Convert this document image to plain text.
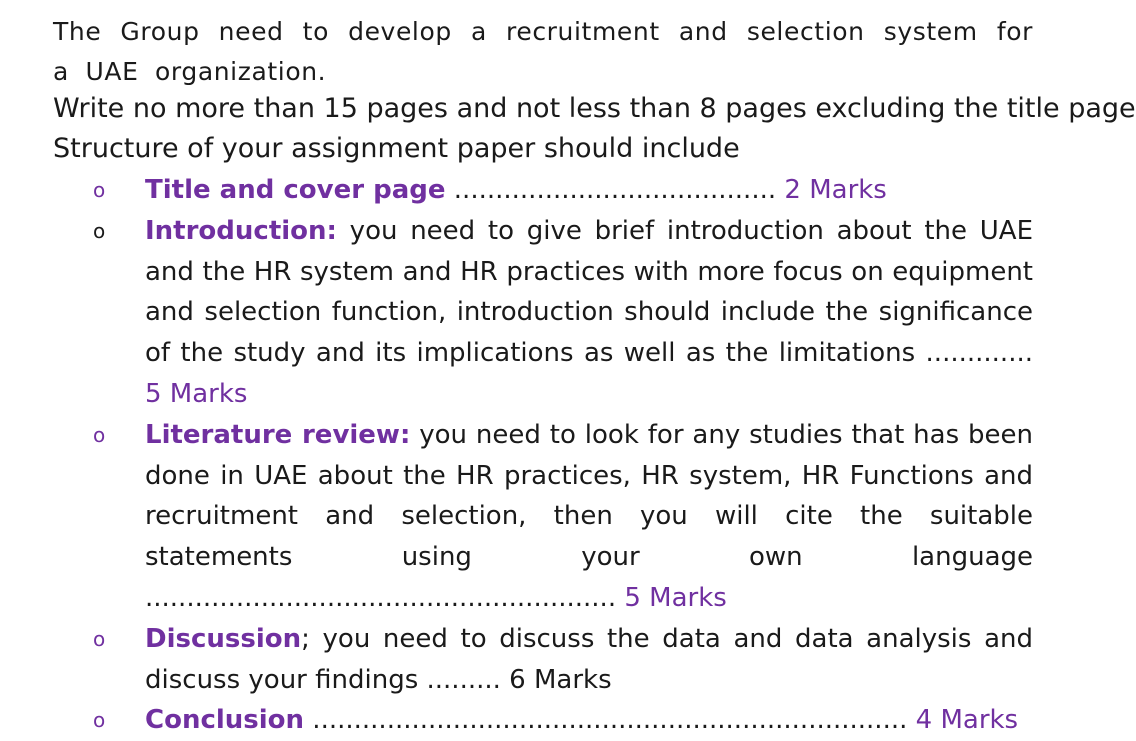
The Group need to develop a recruitment and selection system for a UAE organization.
Write no more than 15 pages and not less than 8 pages excluding the title page
Structure of your assignment paper should include
o Title and cover page ....................................... 2 Marks
o Introduction: you need to give brief introduction about the UAE and the HR system and HR practices with more focus on equipment and selection function, introduction should include the significance of the study and its implications as well as the limitations ............. 5 Marks
o Literature review: you need to look for any studies that has been done in UAE about the HR practices, HR system, HR Functions and recruitment and selection, then you will cite the suitable statements using your own language ......................................................... 5 Marks
o Discussion; you need to discuss the data and data analysis and discuss your findings ......... 6 Marks
o Conclusion ........................................................................ 4 Marks
